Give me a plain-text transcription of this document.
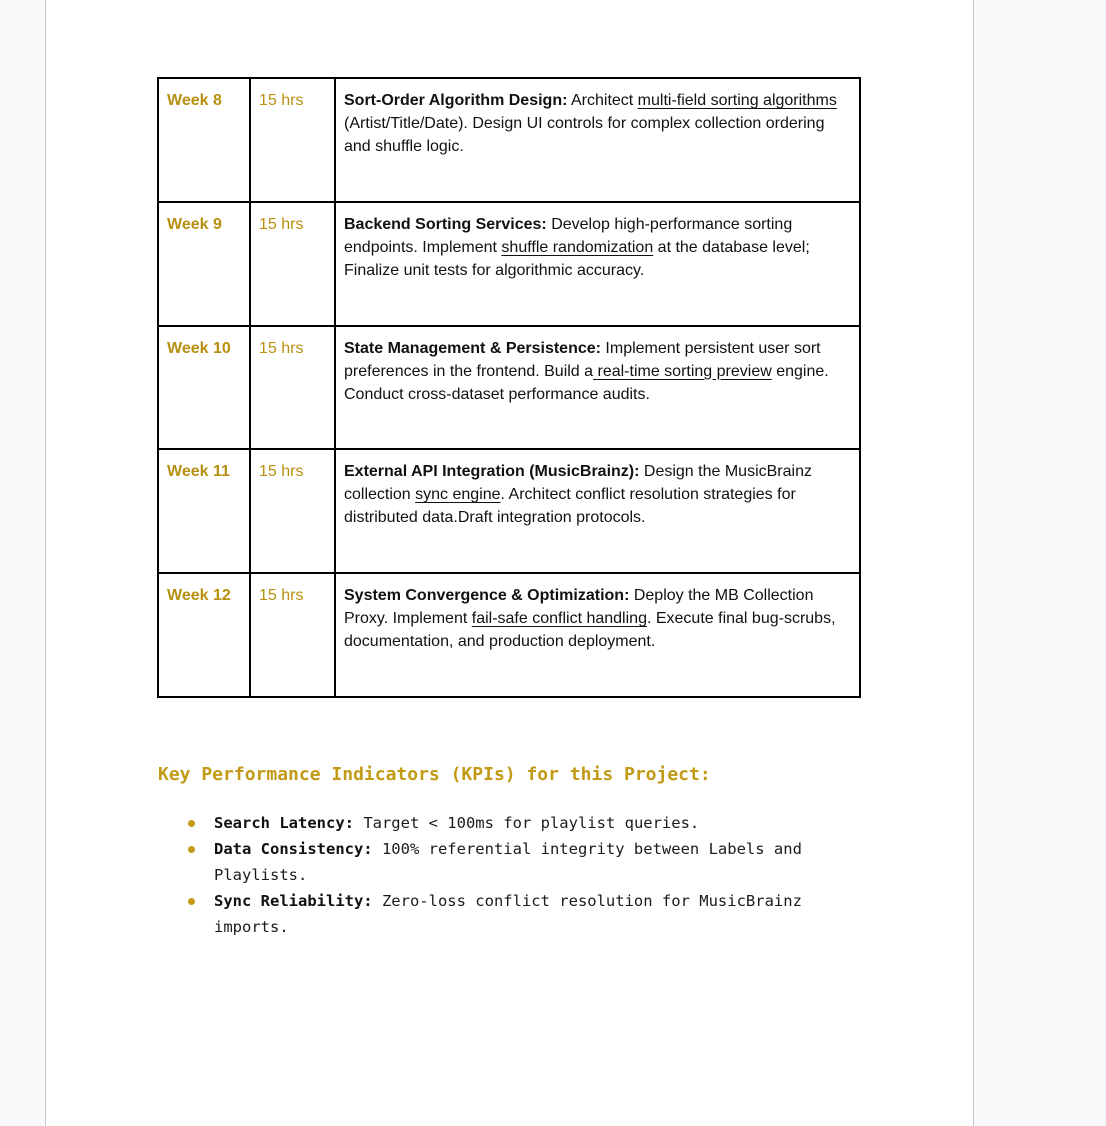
Week 8	15 hrs	Sort-Order Algorithm Design: Architect multi-field sorting algorithms (Artist/Title/Date). Design UI controls for complex collection ordering and shuffle logic.
Week 9	15 hrs	Backend Sorting Services: Develop high-performance sorting endpoints. Implement shuffle randomization at the database level; Finalize unit tests for algorithmic accuracy.
Week 10	15 hrs	State Management & Persistence: Implement persistent user sort preferences in the frontend. Build a real-time sorting preview engine. Conduct cross-dataset performance audits.
Week 11	15 hrs	External API Integration (MusicBrainz): Design the MusicBrainz collection sync engine. Architect conflict resolution strategies for distributed data.Draft integration protocols.
Week 12	15 hrs	System Convergence & Optimization: Deploy the MB Collection Proxy. Implement fail-safe conflict handling. Execute final bug-scrubs, documentation, and production deployment.
Key Performance Indicators (KPIs) for this Project:
Search Latency: Target < 100ms for playlist queries.
Data Consistency: 100% referential integrity between Labels and Playlists.
Sync Reliability: Zero-loss conflict resolution for MusicBrainz imports.
